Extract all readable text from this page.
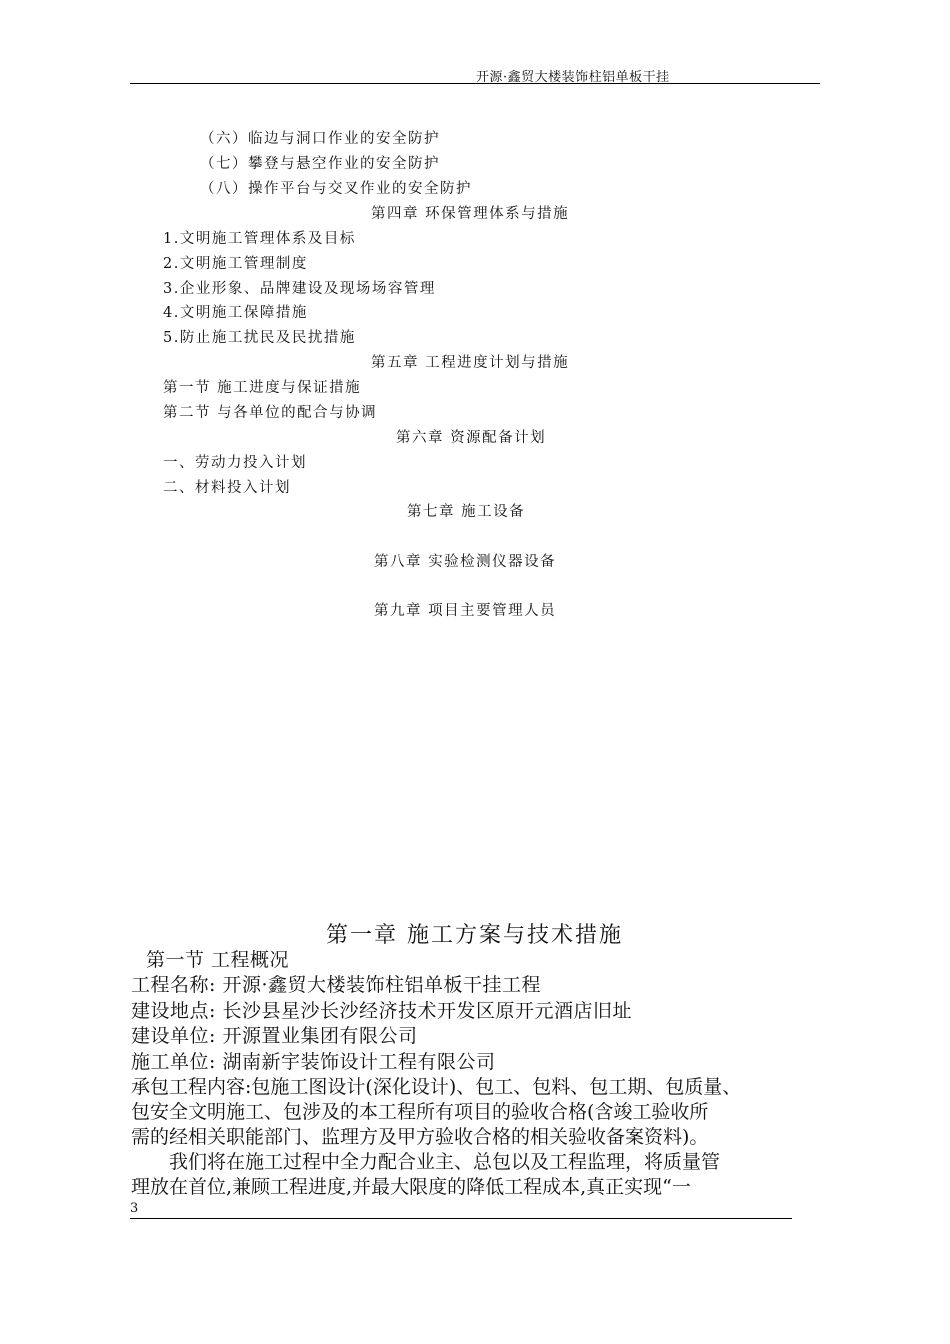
开源·鑫贸大楼装饰柱铝单板干挂
（六）临边与洞口作业的安全防护
（七）攀登与悬空作业的安全防护
（八）操作平台与交叉作业的安全防护
第四章 环保管理体系与措施
1.文明施工管理体系及目标
2.文明施工管理制度
3.企业形象、品牌建设及现场场容管理
4.文明施工保障措施
5.防止施工扰民及民扰措施
第五章 工程进度计划与措施
第一节 施工进度与保证措施
第二节 与各单位的配合与协调
第六章 资源配备计划
一、劳动力投入计划
二、材料投入计划
第七章 施工设备
第八章 实验检测仪器设备
第九章 项目主要管理人员
第一章 施工方案与技术措施
第一节 工程概况
工程名称: 开源·鑫贸大楼装饰柱铝单板干挂工程
建设地点: 长沙县星沙长沙经济技术开发区原开元酒店旧址
建设单位: 开源置业集团有限公司
施工单位: 湖南新宇装饰设计工程有限公司
承包工程内容:包施工图设计(深化设计)、包工、包料、包工期、包质量、
包安全文明施工、包涉及的本工程所有项目的验收合格(含竣工验收所
需的经相关职能部门、监理方及甲方验收合格的相关验收备案资料)。
　　我们将在施工过程中全力配合业主、总包以及工程监理，将质量管
理放在首位,兼顾工程进度,并最大限度的降低工程成本,真正实现“一
3
